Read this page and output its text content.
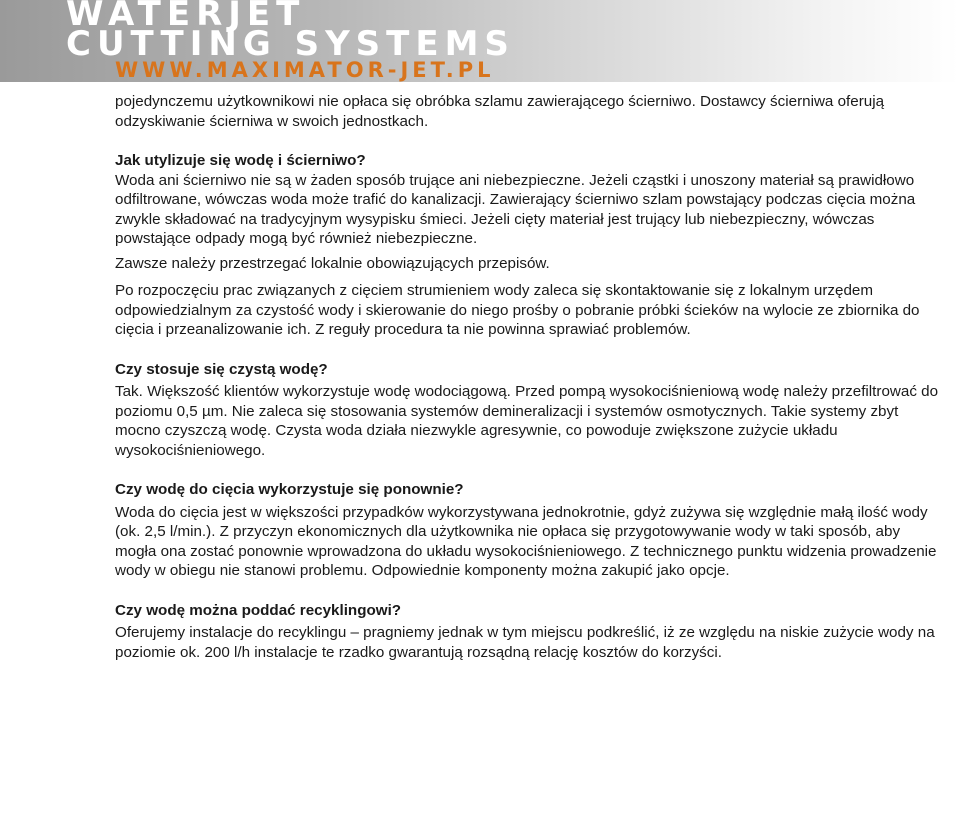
WATERJET
CUTTING SYSTEMS
WWW.MAXIMATOR-JET.PL

pojedynczemu użytkownikowi nie opłaca się obróbka szlamu zawierającego ścierniwo. Dostawcy ścierniwa oferują odzyskiwanie ścierniwa w swoich jednostkach.

Jak utylizuje się wodę i ścierniwo?

Woda ani ścierniwo nie są w żaden sposób trujące ani niebezpieczne. Jeżeli cząstki i unoszony materiał są prawidłowo odfiltrowane, wówczas woda może trafić do kanalizacji. Zawierający ścierniwo szlam powstający podczas cięcia można zwykle składować na tradycyjnym wysypisku śmieci. Jeżeli cięty materiał jest trujący lub niebezpieczny, wówczas powstające odpady mogą być również niebezpieczne.

Zawsze należy przestrzegać lokalnie obowiązujących przepisów.

Po rozpoczęciu prac związanych z cięciem strumieniem wody zaleca się skontaktowanie się z lokalnym urzędem odpowiedzialnym za czystość wody i skierowanie do niego prośby o pobranie próbki ścieków na wylocie ze zbiornika do cięcia i przeanalizowanie ich. Z reguły procedura ta nie powinna sprawiać problemów.

Czy stosuje się czystą wodę?

Tak. Większość klientów wykorzystuje wodę wodociągową. Przed pompą wysokociśnieniową wodę należy przefiltrować do poziomu 0,5 µm. Nie zaleca się stosowania systemów demineralizacji i systemów osmotycznych. Takie systemy zbyt mocno czyszczą wodę. Czysta woda działa niezwykle agresywnie, co powoduje zwiększone zużycie układu wysokociśnieniowego.

Czy wodę do cięcia wykorzystuje się ponownie?

Woda do cięcia jest w większości przypadków wykorzystywana jednokrotnie, gdyż zużywa się względnie małą ilość wody (ok. 2,5 l/min.). Z przyczyn ekonomicznych dla użytkownika nie opłaca się przygotowywanie wody w taki sposób, aby mogła ona zostać ponownie wprowadzona do układu wysokociśnieniowego. Z technicznego punktu widzenia prowadzenie wody w obiegu nie stanowi problemu. Odpowiednie komponenty można zakupić jako opcje.

Czy wodę można poddać recyklingowi?

Oferujemy instalacje do recyklingu – pragniemy jednak w tym miejscu podkreślić, iż ze względu na niskie zużycie wody na poziomie ok. 200 l/h instalacje te rzadko gwarantują rozsądną relację kosztów do korzyści.
